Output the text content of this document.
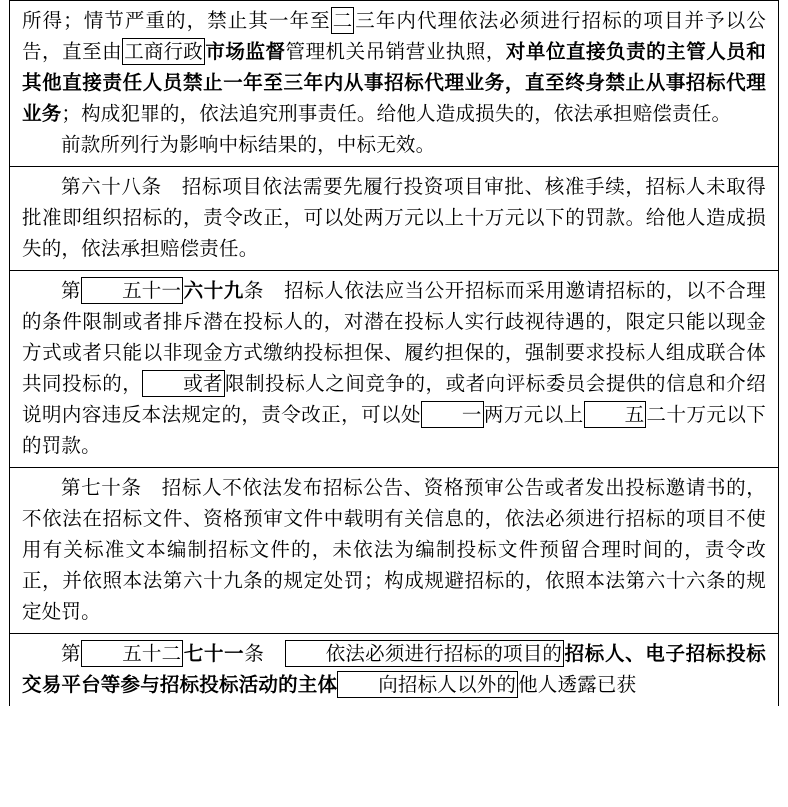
所得；情节严重的，禁止其一年至 二 三年内代理依法必须进行招标的项目并予以公告，直至由 工商行政 市场监督管理机关吊销营业执照，对单位直接负责的主管人员和其他直接责任人员禁止一年至三年内从事招标代理业务，直至终身禁止从事招标代理业务；构成犯罪的，依法追究刑事责任。给他人造成损失的，依法承担赔偿责任。
前款所列行为影响中标结果的，中标无效。

第六十八条　招标项目依法需要先履行投资项目审批、核准手续，招标人未取得批准即组织招标的，责令改正，可以处两万元以上十万元以下的罚款。给他人造成损失的，依法承担赔偿责任。

第 五十一 六十九条　招标人依法应当公开招标而采用邀请招标的，以不合理的条件限制或者排斥潜在投标人的，对潜在投标人实行歧视待遇的，限定只能以现金方式或者只能以非现金方式缴纳投标担保、履约担保的，强制要求投标人组成联合体共同投标的， 或者 限制投标人之间竞争的，或者向评标委员会提供的信息和介绍说明内容违反本法规定的，责令改正，可以处 一 两万元以上 五 二十万元以下的罚款。

第七十条　招标人不依法发布招标公告、资格预审公告或者发出投标邀请书的，不依法在招标文件、资格预审文件中载明有关信息的，依法必须进行招标的项目不使用有关标准文本编制招标文件的，未依法为编制投标文件预留合理时间的，责令改正，并依照本法第六十九条的规定处罚；构成规避招标的，依照本法第六十六条的规定处罚。

第 五十二 七十一条　依法必须进行招标的项目的 招标人、电子招标投标交易平台等参与招标投标活动的主体 向招标人以外的 他人透露已获
